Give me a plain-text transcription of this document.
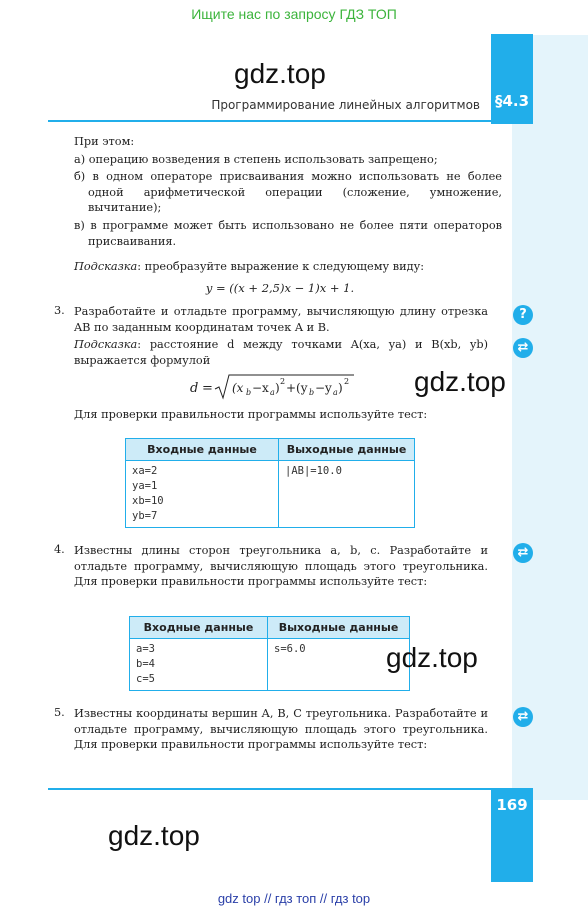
Ищите нас по запросу ГДЗ ТОП
§4.3
gdz.top
Программирование линейных алгоритмов
При этом:
а) операцию возведения в степень использовать запрещено;
б) в одном операторе присваивания можно использовать не более одной арифметической операции (сложение, умножение, вычитание);
в) в программе может быть использовано не более пяти операторов присваивания.
Подсказка: преобразуйте выражение к следующему виду:
y = ((x + 2,5)x − 1)x + 1.
3. Разработайте и отладьте программу, вычисляющую длину отрезка AB по заданным координатам точек A и B.
Подсказка: расстояние d между точками A(xa, ya) и B(xb, yb) выражается формулой
d = (x b −x a ) 2 +(y b −y a ) 2 gdz.top
Для проверки правильности программы используйте тест:
Входные данные	Выходные данные
xa=2
ya=1
xb=10
yb=7	|AB|=10.0
4. Известны длины сторон треугольника a, b, c. Разработайте и отладьте программу, вычисляющую площадь этого треугольника. Для проверки правильности программы используйте тест:
Входные данные	Выходные данные
a=3
b=4
c=5	s=6.0	gdz.top
5. Известны координаты вершин A, B, C треугольника. Разработайте и отладьте программу, вычисляющую площадь этого треугольника. Для проверки правильности программы используйте тест:
?
⇄
⇄
⇄
169
gdz.top
gdz top // гдз топ // гдз top
